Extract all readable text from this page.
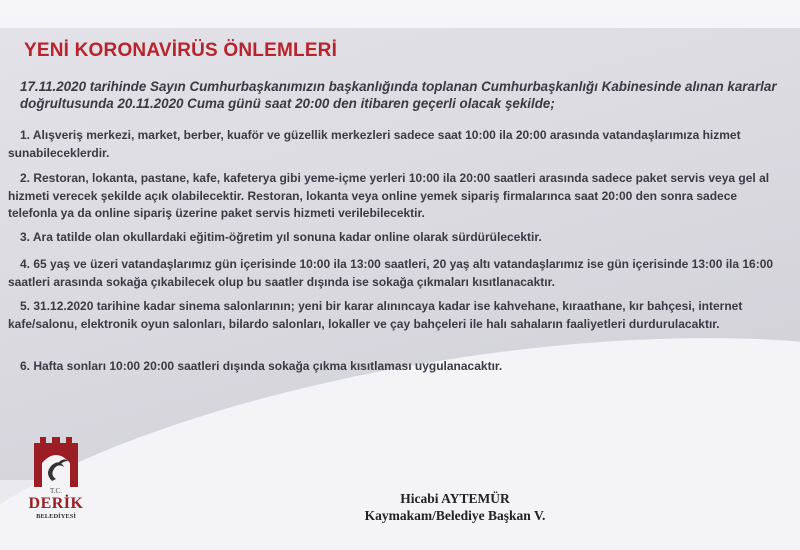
YENİ KORONAVİRÜS ÖNLEMLERİ
17.11.2020 tarihinde Sayın Cumhurbaşkanımızın başkanlığında toplanan Cumhurbaşkanlığı Kabinesinde alınan kararlar doğrultusunda 20.11.2020 Cuma günü saat 20:00 den itibaren geçerli olacak şekilde;
1. Alışveriş merkezi, market, berber, kuaför ve güzellik merkezleri sadece saat 10:00 ila 20:00 arasında vatandaşlarımıza hizmet sunabileceklerdir.
2. Restoran, lokanta, pastane, kafe, kafeterya gibi yeme-içme yerleri 10:00 ila 20:00 saatleri arasında sadece paket servis veya gel al hizmeti verecek şekilde açık olabilecektir. Restoran, lokanta veya online yemek sipariş firmalarınca saat 20:00 den sonra sadece telefonla ya da online sipariş üzerine paket servis hizmeti verilebilecektir.
3. Ara tatilde olan okullardaki eğitim-öğretim yıl sonuna kadar online olarak sürdürülecektir.
4. 65 yaş ve üzeri vatandaşlarımız gün içerisinde 10:00 ila 13:00 saatleri, 20 yaş altı vatandaşlarımız ise gün içerisinde 13:00 ila 16:00 saatleri arasında sokağa çıkabilecek olup bu saatler dışında ise sokağa çıkmaları kısıtlanacaktır.
5. 31.12.2020 tarihine kadar sinema salonlarının; yeni bir karar alınıncaya kadar ise kahvehane, kıraathane, kır bahçesi, internet kafe/salonu, elektronik oyun salonları, bilardo salonları, lokaller ve çay bahçeleri ile halı sahaların faaliyetleri durdurulacaktır.
6. Hafta sonları 10:00 20:00 saatleri dışında sokağa çıkma kısıtlaması uygulanacaktır.
T.C.
DERİK
BELEDİYESİ
Hicabi AYTEMÜR
Kaymakam/Belediye Başkan V.
